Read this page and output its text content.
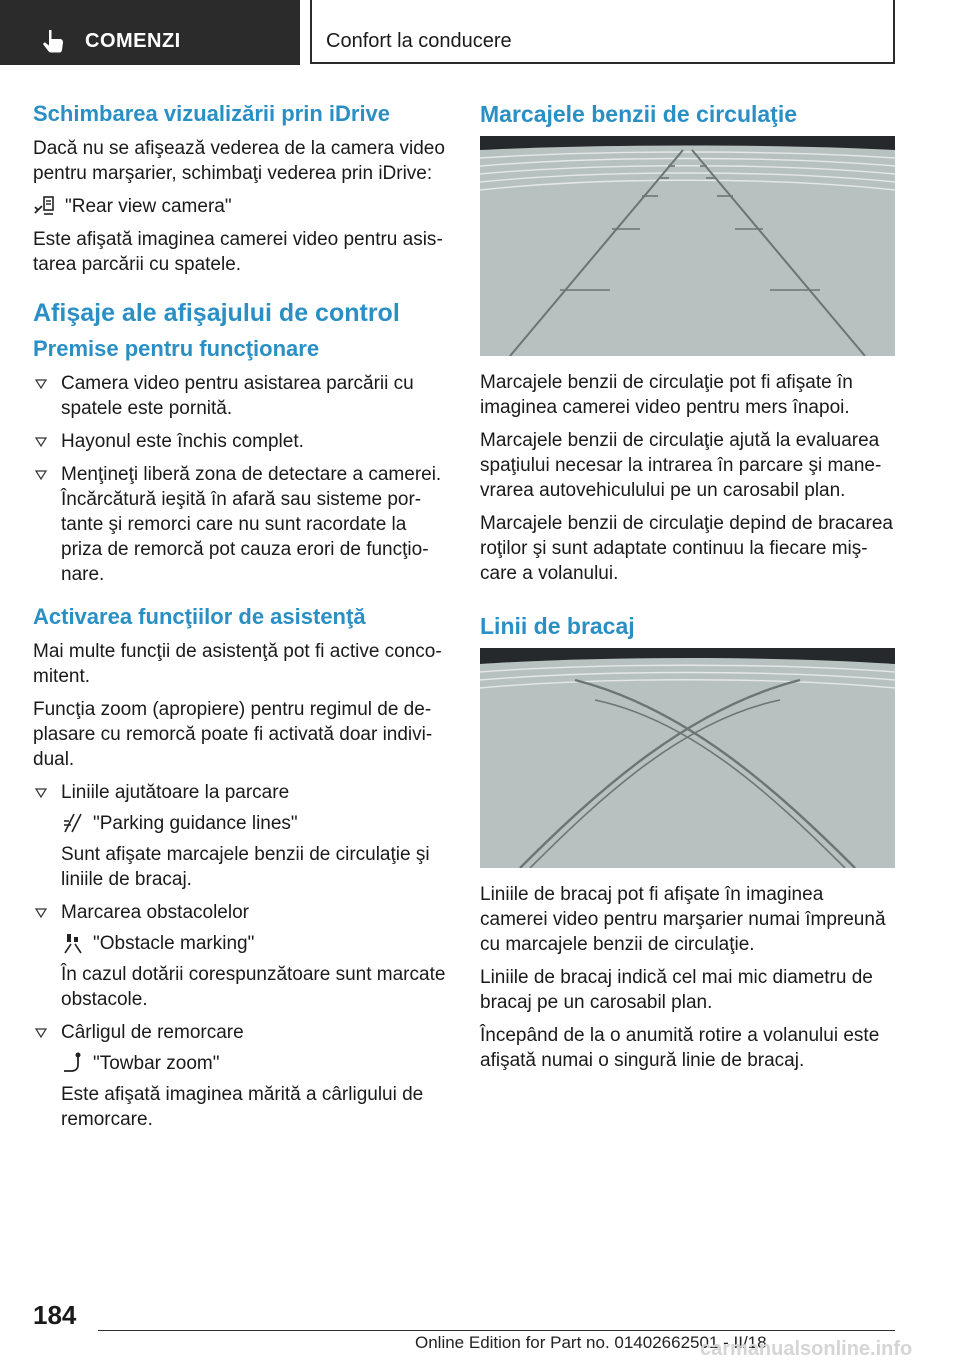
COMENZI	Confort la conducere
Schimbarea vizualizării prin iDrive

Dacă nu se afişează vederea de la camera video pentru marşarier, schimbaţi vederea prin iDrive:

"Rear view camera"

Este afişată imaginea camerei video pentru asistarea parcării cu spatele.

Afişaje ale afişajului de control
Premise pentru funcţionare
Camera video pentru asistarea parcării cu spatele este pornită.
Hayonul este închis complet.
Menţineţi liberă zona de detectare a camerei. Încărcătură ieşită în afară sau sisteme portante şi remorci care nu sunt racordate la priza de remorcă pot cauza erori de funcţionare.
Activarea funcţiilor de asistenţă

Mai multe funcţii de asistenţă pot fi active concomitent.

Funcţia zoom (apropiere) pentru regimul de deplasare cu remorcă poate fi activată doar individual.

Liniile ajutătoare la parcare
"Parking guidance lines"

Sunt afişate marcajele benzii de circulaţie şi liniile de bracaj.

Marcarea obstacolelor
"Obstacle marking"

În cazul dotării corespunzătoare sunt marcate obstacole.

Cârligul de remorcare
"Towbar zoom"

Este afişată imaginea mărită a cârligului de remorcare.

Marcajele benzii de circulaţie

Marcajele benzii de circulaţie pot fi afişate în imaginea camerei video pentru mers înapoi.

Marcajele benzii de circulaţie ajută la evaluarea spaţiului necesar la intrarea în parcare şi manevrarea autovehiculului pe un carosabil plan.

Marcajele benzii de circulaţie depind de bracarea roţilor şi sunt adaptate continuu la fiecare mişcare a volanului.

Linii de bracaj

Liniile de bracaj pot fi afişate în imaginea camerei video pentru marşarier numai împreună cu marcajele benzii de circulaţie.

Liniile de bracaj indică cel mai mic diametru de bracaj pe un carosabil plan.

Începând de la o anumită rotire a volanului este afişată numai o singură linie de bracaj.

184
Online Edition for Part no. 01402662501 - II/18
carmanualsonline.info
